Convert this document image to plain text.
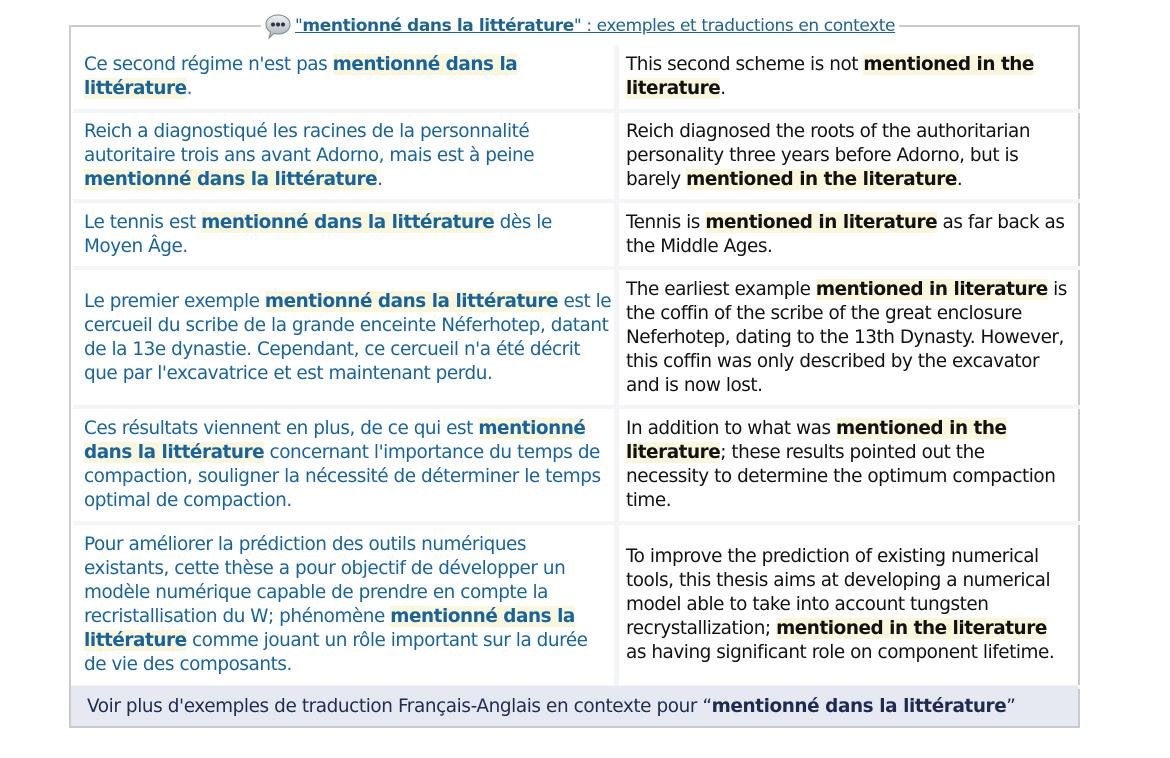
"mentionné dans la littérature" : exemples et traductions en contexte
Ce second régime n'est pas mentionné dans la littérature.
This second scheme is not mentioned in the literature.
Reich a diagnostiqué les racines de la personnalité autoritaire trois ans avant Adorno, mais est à peine mentionné dans la littérature.
Reich diagnosed the roots of the authoritarian personality three years before Adorno, but is barely mentioned in the literature.
Le tennis est mentionné dans la littérature dès le Moyen Âge.
Tennis is mentioned in literature as far back as the Middle Ages.
Le premier exemple mentionné dans la littérature est le cercueil du scribe de la grande enceinte Néferhotep, datant de la 13e dynastie. Cependant, ce cercueil n'a été décrit que par l'excavatrice et est maintenant perdu.
The earliest example mentioned in literature is the coffin of the scribe of the great enclosure Neferhotep, dating to the 13th Dynasty. However, this coffin was only described by the excavator and is now lost.
Ces résultats viennent en plus, de ce qui est mentionné dans la littérature concernant l'importance du temps de compaction, souligner la nécessité de déterminer le temps optimal de compaction.
In addition to what was mentioned in the literature; these results pointed out the necessity to determine the optimum compaction time.
Pour améliorer la prédiction des outils numériques existants, cette thèse a pour objectif de développer un modèle numérique capable de prendre en compte la recristallisation du W; phénomène mentionné dans la littérature comme jouant un rôle important sur la durée de vie des composants.
To improve the prediction of existing numerical tools, this thesis aims at developing a numerical model able to take into account tungsten recrystallization; mentioned in the literature as having significant role on component lifetime.
Voir plus d'exemples de traduction Français-Anglais en contexte pour “mentionné dans la littérature”
